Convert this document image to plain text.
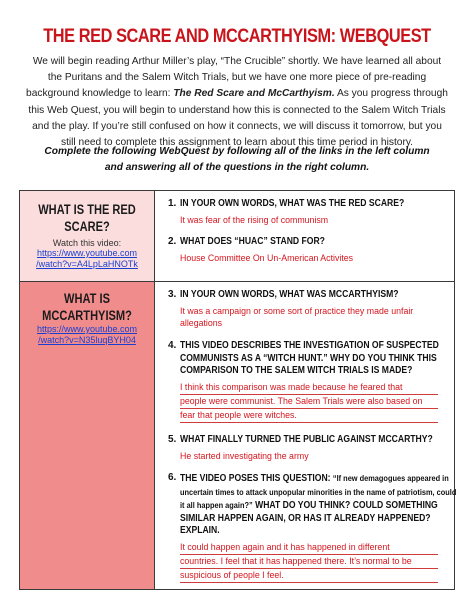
THE RED SCARE AND MCCARTHYISM: WEBQUEST
We will begin reading Arthur Miller’s play, “The Crucible” shortly. We have learned all about the Puritans and the Salem Witch Trials, but we have one more piece of pre-reading background knowledge to learn: The Red Scare and McCarthyism. As you progress through this Web Quest, you will begin to understand how this is connected to the Salem Witch Trials and the play. If you’re still confused on how it connects, we will discuss it tomorrow, but you still need to complete this assignment to learn about this time period in history.
Complete the following WebQuest by following all of the links in the left column and answering all of the questions in the right column.
WHAT IS THE RED
SCARE?
Watch this video:
https://www.youtube.com
/watch?v=A4LpLaHNOTk
1. IN YOUR OWN WORDS, WHAT WAS THE RED SCARE?
It was fear of the rising of communism
2. WHAT DOES “HUAC” STAND FOR?
House Committee On Un-American Activites
WHAT IS
MCCARTHYISM?
https://www.youtube.com
/watch?v=N35luqBYH04
3. IN YOUR OWN WORDS, WHAT WAS MCCARTHYISM?
It was a campaign or some sort of practice they made unfair
allegations
4. THIS VIDEO DESCRIBES THE INVESTIGATION OF SUSPECTED
COMMUNISTS AS A “WITCH HUNT.” WHY DO YOU THINK THIS
COMPARISON TO THE SALEM WITCH TRIALS IS MADE?
I think this comparison was made because he feared that
people were communist. The Salem Trials were also based on
fear that people were witches.
5. WHAT FINALLY TURNED THE PUBLIC AGAINST MCCARTHY?
He started investigating the army
6. THE VIDEO POSES THIS QUESTION: “If new demagogues appeared in
uncertain times to attack unpopular minorities in the name of patriotism, could
it all happen again?” WHAT DO YOU THINK? COULD SOMETHING
SIMILAR HAPPEN AGAIN, OR HAS IT ALREADY HAPPENED? EXPLAIN.
It could happen again and it has happened in different
countries. I feel that it has happened there. It’s normal to be
suspicious of people I feel.
